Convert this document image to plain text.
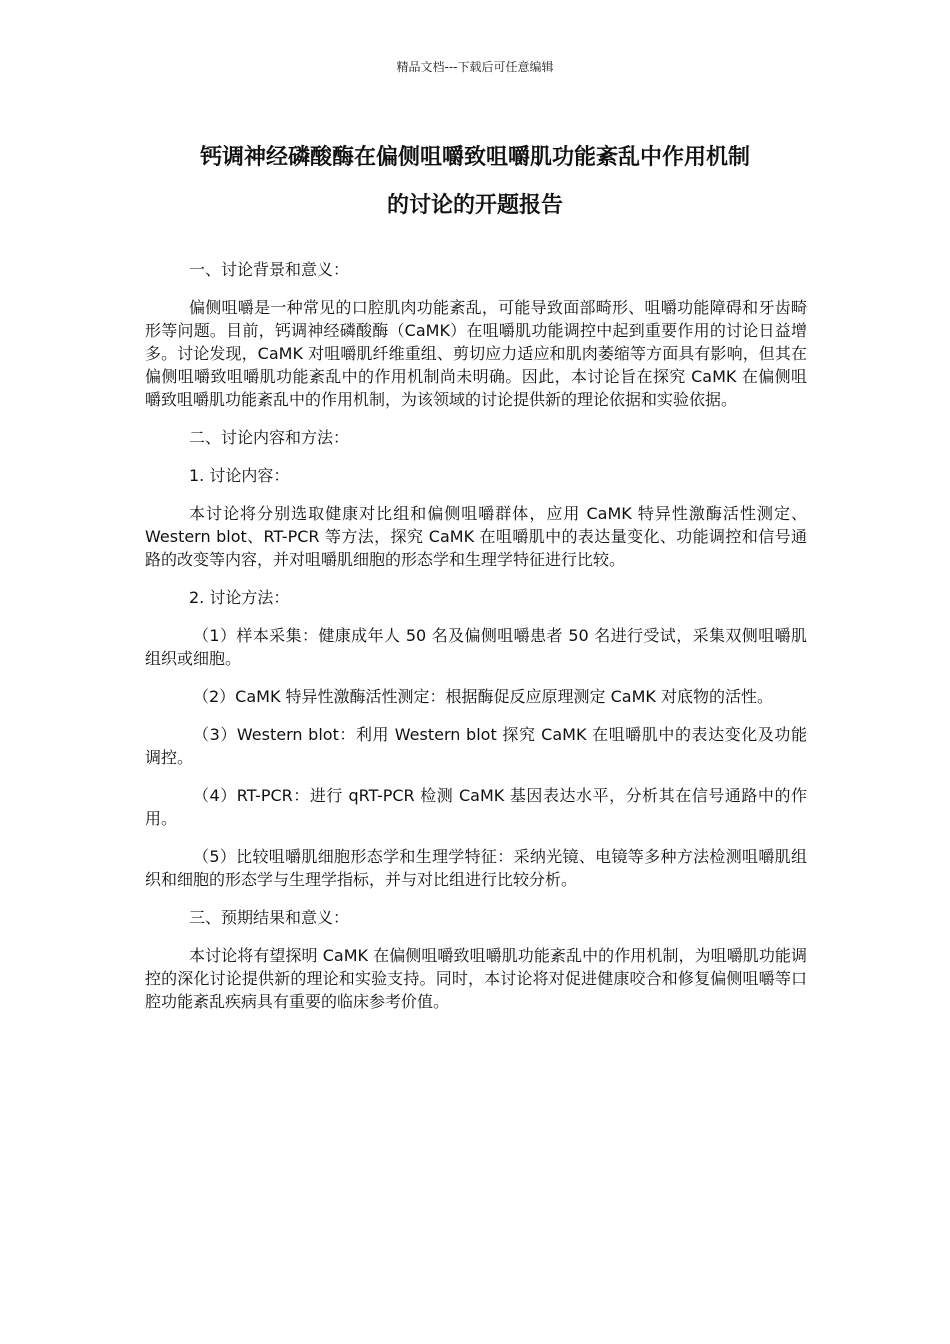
精品文档---下载后可任意编辑
钙调神经磷酸酶在偏侧咀嚼致咀嚼肌功能紊乱中作用机制
的讨论的开题报告

一、讨论背景和意义：

偏侧咀嚼是一种常见的口腔肌肉功能紊乱，可能导致面部畸形、咀嚼功能障碍和牙齿畸形等问题。目前，钙调神经磷酸酶（CaMK）在咀嚼肌功能调控中起到重要作用的讨论日益增多。讨论发现，CaMK 对咀嚼肌纤维重组、剪切应力适应和肌肉萎缩等方面具有影响，但其在偏侧咀嚼致咀嚼肌功能紊乱中的作用机制尚未明确。因此，本讨论旨在探究 CaMK 在偏侧咀嚼致咀嚼肌功能紊乱中的作用机制，为该领域的讨论提供新的理论依据和实验依据。

二、讨论内容和方法：

1. 讨论内容：

本讨论将分别选取健康对比组和偏侧咀嚼群体，应用 CaMK 特异性激酶活性测定、Western blot、RT-PCR 等方法，探究 CaMK 在咀嚼肌中的表达量变化、功能调控和信号通路的改变等内容，并对咀嚼肌细胞的形态学和生理学特征进行比较。

2. 讨论方法：

（1）样本采集：健康成年人 50 名及偏侧咀嚼患者 50 名进行受试，采集双侧咀嚼肌组织或细胞。

（2）CaMK 特异性激酶活性测定：根据酶促反应原理测定 CaMK 对底物的活性。

（3）Western blot：利用 Western blot 探究 CaMK 在咀嚼肌中的表达变化及功能调控。

（4）RT-PCR：进行 qRT-PCR 检测 CaMK 基因表达水平，分析其在信号通路中的作用。

（5）比较咀嚼肌细胞形态学和生理学特征：采纳光镜、电镜等多种方法检测咀嚼肌组织和细胞的形态学与生理学指标，并与对比组进行比较分析。

三、预期结果和意义：

本讨论将有望探明 CaMK 在偏侧咀嚼致咀嚼肌功能紊乱中的作用机制，为咀嚼肌功能调控的深化讨论提供新的理论和实验支持。同时，本讨论将对促进健康咬合和修复偏侧咀嚼等口腔功能紊乱疾病具有重要的临床参考价值。
